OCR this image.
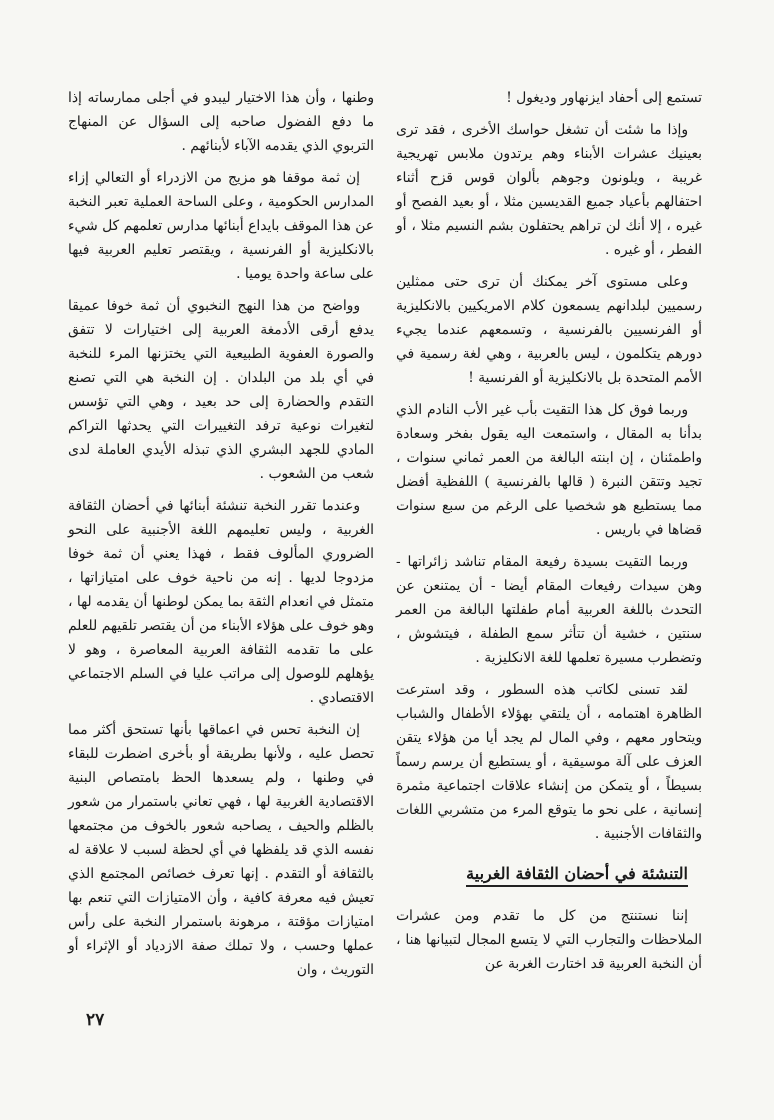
تستمع إلى أحفاد ايزنهاور وديغول !

وإذا ما شئت أن تشغل حواسك الأخرى ، فقد ترى بعينيك عشرات الأبناء وهم يرتدون ملابس تهريجية غريبة ، ويلونون وجوهم بألوان قوس قزح أثناء احتفالهم بأعياد جميع القديسين مثلا ، أو بعيد الفصح أو غيره ، إلا أنك لن تراهم يحتفلون بشم النسيم مثلا ، أو الفطر ، أو غيره .

وعلى مستوى آخر يمكنك أن ترى حتى ممثلين رسميين لبلدانهم يسمعون كلام الامريكيين بالانكليزية أو الفرنسيين بالفرنسية ، وتسمعهم عندما يجيء دورهم يتكلمون ، ليس بالعربية ، وهي لغة رسمية في الأمم المتحدة بل بالانكليزية أو الفرنسية !

وربما فوق كل هذا التقيت بأب غير الأب النادم الذي بدأنا به المقال ، واستمعت اليه يقول بفخر وسعادة واطمئنان ، إن ابنته البالغة من العمر ثماني سنوات ، تجيد وتتقن النبرة ( قالها بالفرنسية ) اللفظية أفضل مما يستطيع هو شخصيا على الرغم من سبع سنوات قضاها في باريس .

وربما التقيت بسيدة رفيعة المقام تناشد زائراتها - وهن سيدات رفيعات المقام أيضا - أن يمتنعن عن التحدث باللغة العربية أمام طفلتها البالغة من العمر سنتين ، خشية أن تتأثر سمع الطفلة ، فيتشوش ، وتضطرب مسيرة تعلمها للغة الانكليزية .

لقد تسنى لكاتب هذه السطور ، وقد استرعت الظاهرة اهتمامه ، أن يلتقي بهؤلاء الأطفال والشباب ويتحاور معهم ، وفي المال لم يجد أيا من هؤلاء يتقن العزف على آلة موسيقية ، أو يستطيع أن يرسم رسماً بسيطاً ، أو يتمكن من إنشاء علاقات اجتماعية مثمرة إنسانية ، على نحو ما يتوقع المرء من متشربي اللغات والثقافات الأجنبية .

التنشئة في أحضان الثقافة الغربية

إننا نستنتج من كل ما تقدم ومن عشرات الملاحظات والتجارب التي لا يتسع المجال لتبيانها هنا ، أن النخبة العربية قد اختارت الغربة عن

وطنها ، وأن هذا الاختيار ليبدو في أجلى ممارساته إذا ما دفع الفضول صاحبه إلى السؤال عن المنهاج التربوي الذي يقدمه الآباء لأبنائهم .

إن ثمة موقفا هو مزيج من الازدراء أو التعالي إزاء المدارس الحكومية ، وعلى الساحة العملية تعبر النخبة عن هذا الموقف بايداع أبنائها مدارس تعلمهم كل شيء بالانكليزية أو الفرنسية ، ويقتصر تعليم العربية فيها على ساعة واحدة يوميا .

وواضح من هذا النهج النخبوي أن ثمة خوفا عميقا يدفع أرقى الأدمغة العربية إلى اختيارات لا تتفق والصورة العفوية الطبيعية التي يختزنها المرء للنخبة في أي بلد من البلدان . إن النخبة هي التي تصنع التقدم والحضارة إلى حد بعيد ، وهي التي تؤسس لتغيرات نوعية ترفد التغييرات التي يحدثها التراكم المادي للجهد البشري الذي تبذله الأيدي العاملة لدى شعب من الشعوب .

وعندما تقرر النخبة تنشئة أبنائها في أحضان الثقافة الغربية ، وليس تعليمهم اللغة الأجنبية على النحو الضروري المألوف فقط ، فهذا يعني أن ثمة خوفا مزدوجا لديها . إنه من ناحية خوف على امتيازاتها ، متمثل في انعدام الثقة بما يمكن لوطنها أن يقدمه لها ، وهو خوف على هؤلاء الأبناء من أن يقتصر تلقيهم للعلم على ما تقدمه الثقافة العربية المعاصرة ، وهو لا يؤهلهم للوصول إلى مراتب عليا في السلم الاجتماعي الاقتصادي .

إن النخبة تحس في اعماقها بأنها تستحق أكثر مما تحصل عليه ، ولأنها بطريقة أو بأخرى اضطرت للبقاء في وطنها ، ولم يسعدها الحظ بامتصاص البنية الاقتصادية الغربية لها ، فهي تعاني باستمرار من شعور بالظلم والحيف ، يصاحبه شعور بالخوف من مجتمعها نفسه الذي قد يلفظها في أي لحظة لسبب لا علاقة له بالثقافة أو التقدم . إنها تعرف خصائص المجتمع الذي تعيش فيه معرفة كافية ، وأن الامتيازات التي تنعم بها امتيازات مؤقتة ، مرهونة باستمرار النخبة على رأس عملها وحسب ، ولا تملك صفة الازدياد أو الإثراء أو التوريث ، وان

٢٧
